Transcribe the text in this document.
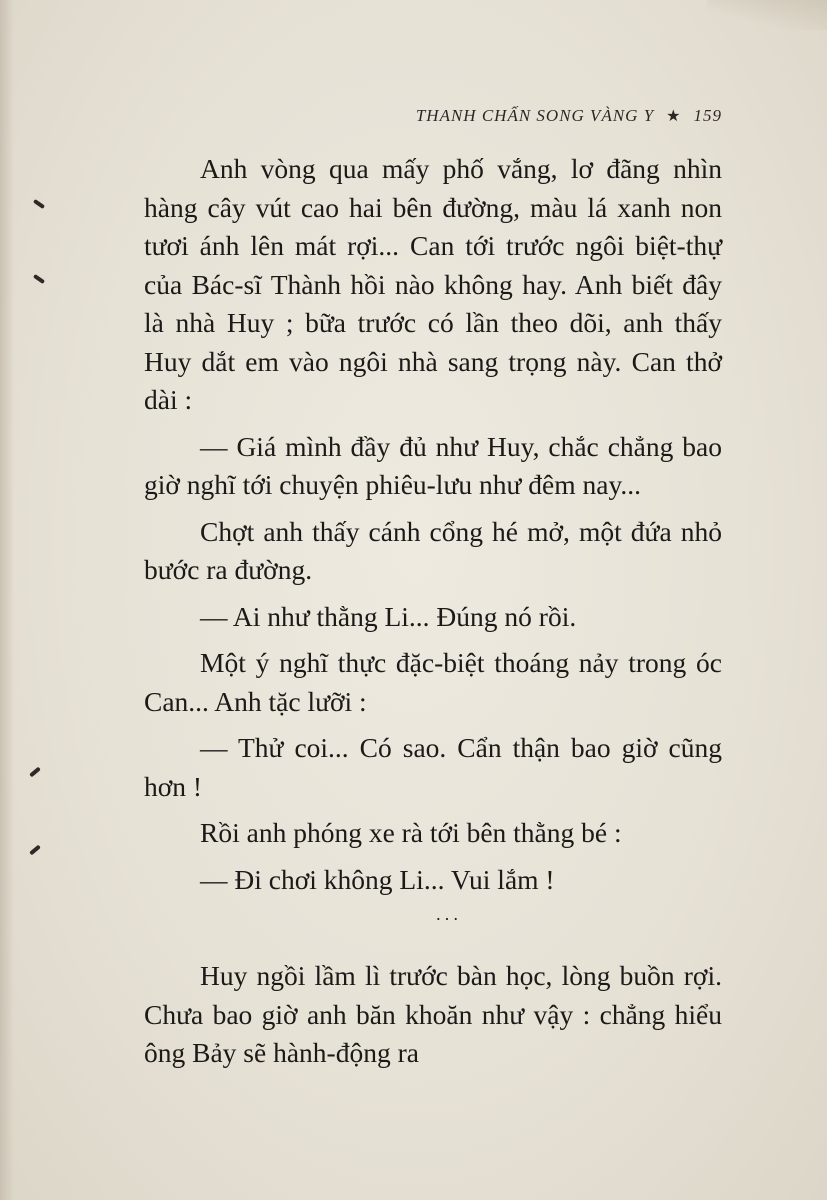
THANH CHẤN SONG VÀNG Y ★ 159

Anh vòng qua mấy phố vắng, lơ đãng nhìn hàng cây vút cao hai bên đường, màu lá xanh non tươi ánh lên mát rợi... Can tới trước ngôi biệt-thự của Bác-sĩ Thành hồi nào không hay. Anh biết đây là nhà Huy ; bữa trước có lần theo dõi, anh thấy Huy dắt em vào ngôi nhà sang trọng này. Can thở dài :

— Giá mình đầy đủ như Huy, chắc chẳng bao giờ nghĩ tới chuyện phiêu-lưu như đêm nay...

Chợt anh thấy cánh cổng hé mở, một đứa nhỏ bước ra đường.

— Ai như thằng Li... Đúng nó rồi.

Một ý nghĩ thực đặc-biệt thoáng nảy trong óc Can... Anh tặc lưỡi :

— Thử coi... Có sao. Cẩn thận bao giờ cũng hơn !

Rồi anh phóng xe rà tới bên thằng bé :

— Đi chơi không Li... Vui lắm !

˙˙˙

Huy ngồi lầm lì trước bàn học, lòng buồn rợi. Chưa bao giờ anh băn khoăn như vậy : chẳng hiểu ông Bảy sẽ hành-động ra
